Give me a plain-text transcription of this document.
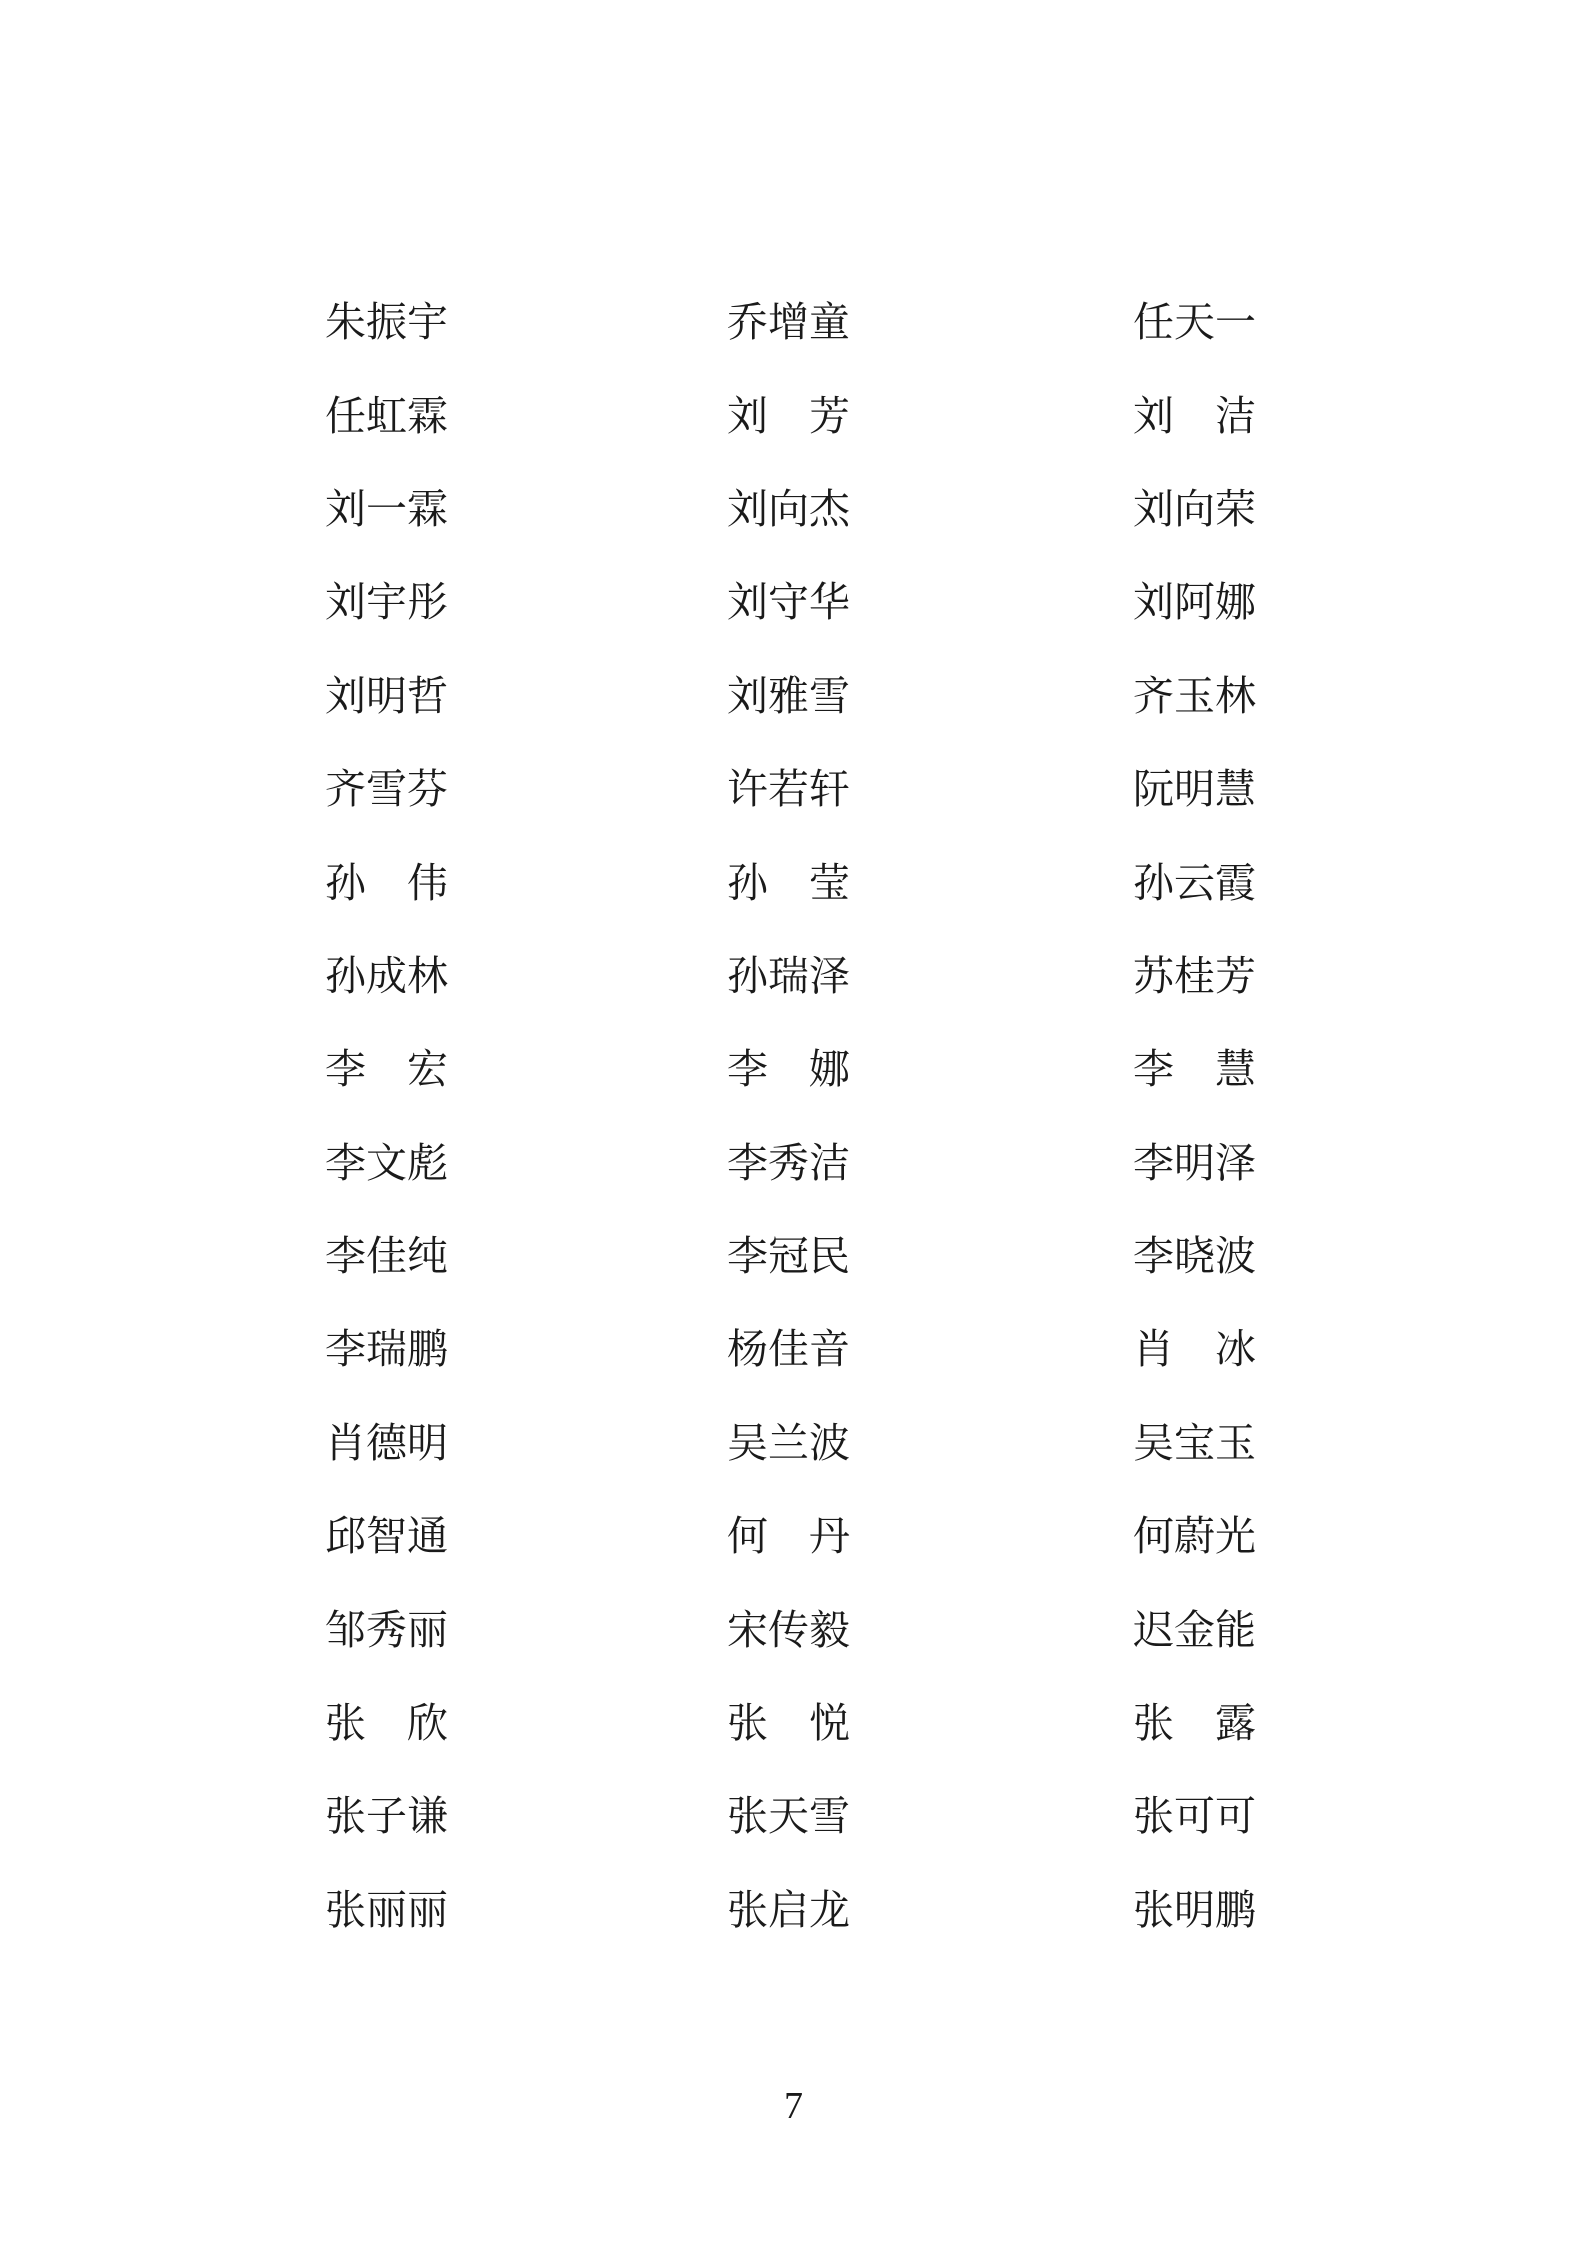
朱振宇
任虹霖
刘一霖
刘宇彤
刘明哲
齐雪芬
孙　伟
孙成林
李　宏
李文彪
李佳纯
李瑞鹏
肖德明
邱智通
邹秀丽
张　欣
张子谦
张丽丽
乔增童
刘　芳
刘向杰
刘守华
刘雅雪
许若轩
孙　莹
孙瑞泽
李　娜
李秀洁
李冠民
杨佳音
吴兰波
何　丹
宋传毅
张　悦
张天雪
张启龙
任天一
刘　洁
刘向荣
刘阿娜
齐玉林
阮明慧
孙云霞
苏桂芳
李　慧
李明泽
李晓波
肖　冰
吴宝玉
何蔚光
迟金能
张　露
张可可
张明鹏
7
